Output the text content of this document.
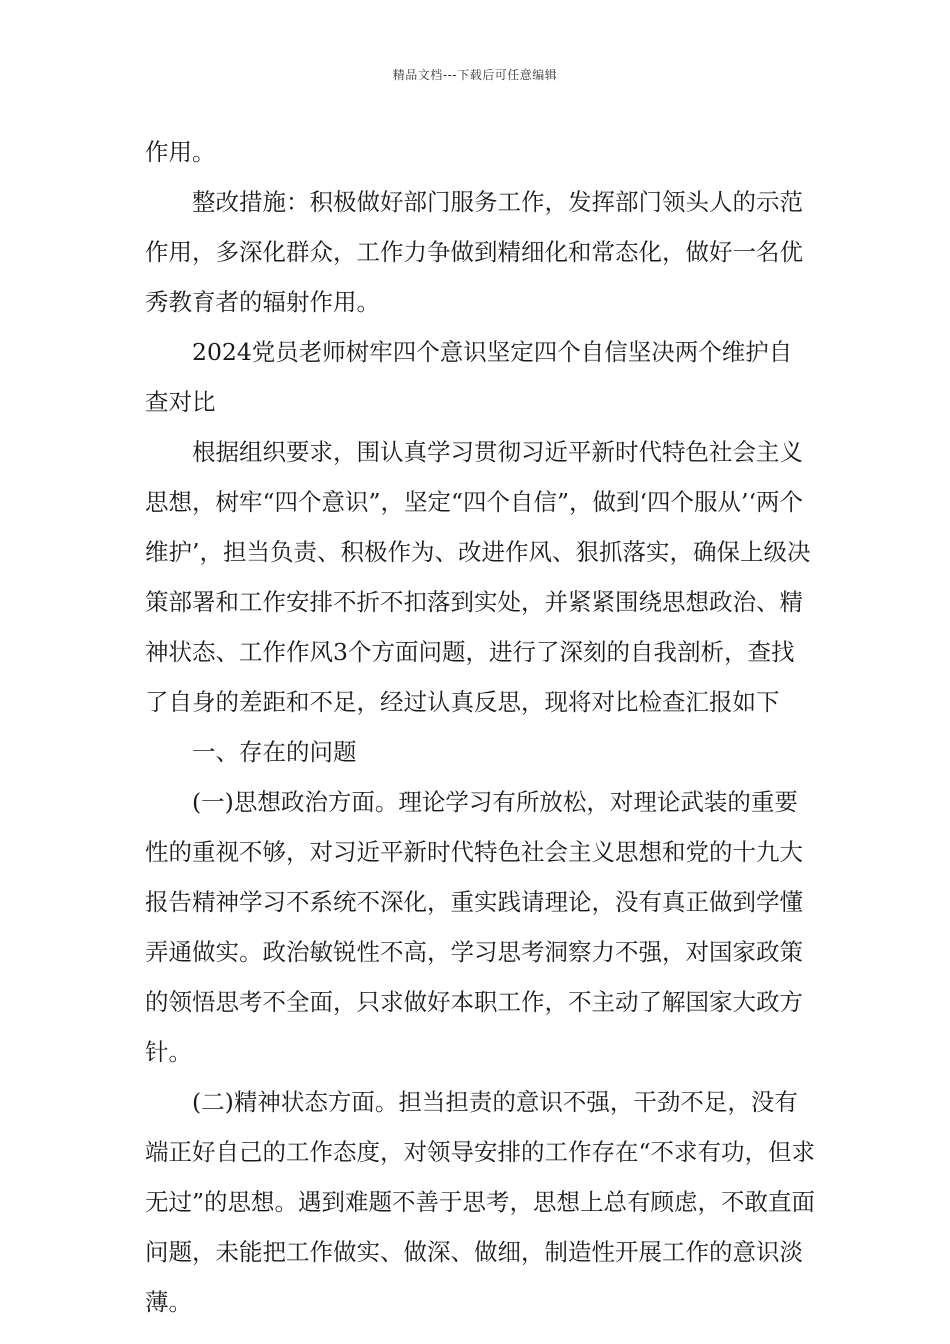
精品文档---下载后可任意编辑

作用。

整改措施：积极做好部门服务工作，发挥部门领头人的示范作用，多深化群众，工作力争做到精细化和常态化，做好一名优秀教育者的辐射作用。

2024党员老师树牢四个意识坚定四个自信坚决两个维护自查对比

根据组织要求，围认真学习贯彻习近平新时代特色社会主义思想，树牢“四个意识”，坚定“四个自信”，做到‘四个服从’‘两个维护’，担当负责、积极作为、改进作风、狠抓落实，确保上级决策部署和工作安排不折不扣落到实处，并紧紧围绕思想政治、精神状态、工作作风3个方面问题，进行了深刻的自我剖析，查找了自身的差距和不足，经过认真反思，现将对比检查汇报如下

一、存在的问题

(一)思想政治方面。理论学习有所放松，对理论武装的重要性的重视不够，对习近平新时代特色社会主义思想和党的十九大报告精神学习不系统不深化，重实践请理论，没有真正做到学懂弄通做实。政治敏锐性不高，学习思考洞察力不强，对国家政策的领悟思考不全面，只求做好本职工作，不主动了解国家大政方针。

(二)精神状态方面。担当担责的意识不强，干劲不足，没有端正好自己的工作态度，对领导安排的工作存在“不求有功，但求无过”的思想。遇到难题不善于思考，思想上总有顾虑，不敢直面问题，未能把工作做实、做深、做细，制造性开展工作的意识淡薄。
